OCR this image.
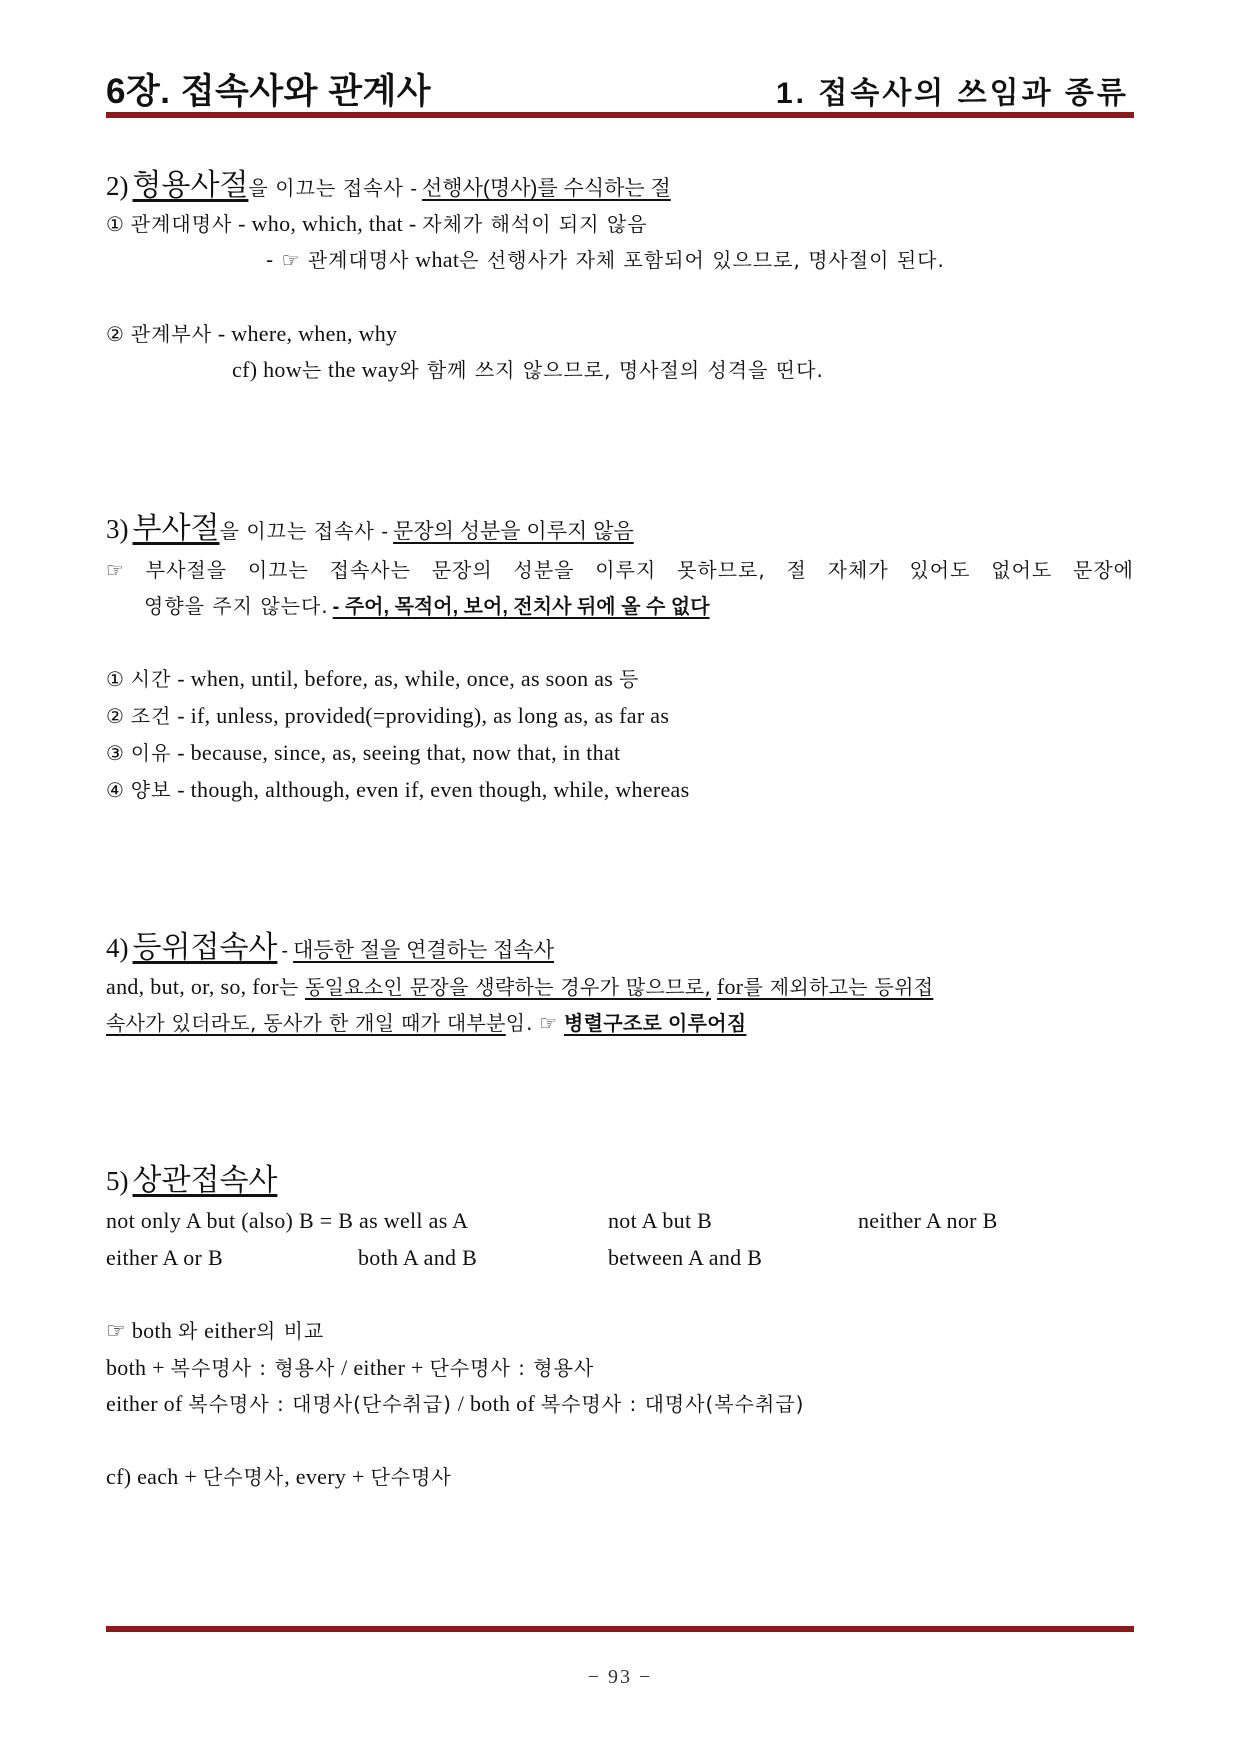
6장. 접속사와 관계사	1. 접속사의 쓰임과 종류
2) 형용사절을 이끄는 접속사 - 선행사(명사)를 수식하는 절
① 관계대명사 - who, which, that - 자체가 해석이 되지 않음
- ☞ 관계대명사 what은 선행사가 자체 포함되어 있으므로, 명사절이 된다.
② 관계부사 - where, when, why
cf) how는 the way와 함께 쓰지 않으므로, 명사절의 성격을 띤다.
3) 부사절을 이끄는 접속사 - 문장의 성분을 이루지 않음
☞ 부사절을 이끄는 접속사는 문장의 성분을 이루지 못하므로, 절 자체가 있어도 없어도 문장에
영향을 주지 않는다. - 주어, 목적어, 보어, 전치사 뒤에 올 수 없다
① 시간 - when, until, before, as, while, once, as soon as 등
② 조건 - if, unless, provided(=providing), as long as, as far as
③ 이유 - because, since, as, seeing that, now that, in that
④ 양보 - though, although, even if, even though, while, whereas
4) 등위접속사 - 대등한 절을 연결하는 접속사
and, but, or, so, for는 동일요소인 문장을 생략하는 경우가 많으므로, for를 제외하고는 등위접
속사가 있더라도, 동사가 한 개일 때가 대부분임. ☞ 병렬구조로 이루어짐
5) 상관접속사
not only A but (also) B = B as well as A	not A but B	neither A nor B
either A or B	both A and B	between A and B
☞ both 와 either의 비교
both + 복수명사 : 형용사 / either + 단수명사 : 형용사
either of 복수명사 : 대명사(단수취급) / both of 복수명사 : 대명사(복수취급)
cf) each + 단수명사, every + 단수명사
− 93 −
